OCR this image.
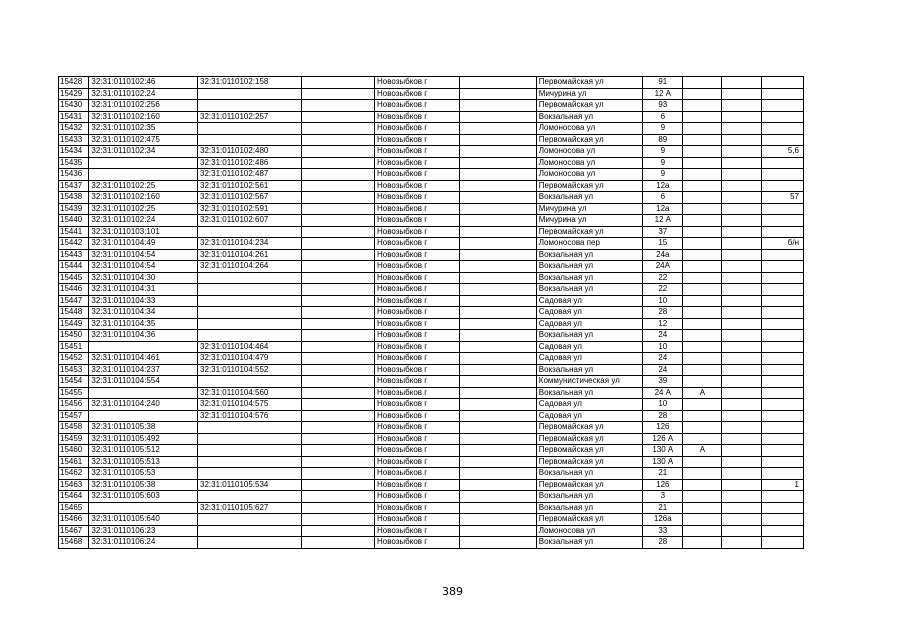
15428	32:31:0110102:46	32:31:0110102:158		Новозыбков г		Первомайская ул	91			
15429	32:31:0110102:24			Новозыбков г		Мичурина ул	12 А			
15430	32:31:0110102:256			Новозыбков г		Первомайская ул	93			
15431	32:31:0110102:160	32:31:0110102:257		Новозыбков г		Вокзальная ул	6			
15432	32:31:0110102:35			Новозыбков г		Ломоносова ул	9			
15433	32:31:0110102:475			Новозыбков г		Первомайская ул	89			
15434	32:31:0110102:34	32:31:0110102:480		Новозыбков г		Ломоносова ул	9			5,6
15435		32:31:0110102:486		Новозыбков г		Ломоносова ул	9			
15436		32:31:0110102:487		Новозыбков г		Ломоносова ул	9			
15437	32:31:0110102:25	32:31:0110102:561		Новозыбков г		Первомайская ул	12а			
15438	32:31:0110102:160	32:31:0110102:567		Новозыбков г		Вокзальная ул	6			57
15439	32:31:0110102:25	32:31:0110102:591		Новозыбков г		Мичурина ул	12а			
15440	32:31:0110102:24	32:31:0110102:607		Новозыбков г		Мичурина ул	12 А			
15441	32:31:0110103:101			Новозыбков г		Первомайская ул	37			
15442	32:31:0110104:49	32:31:0110104:234		Новозыбков г		Ломоносова пер	15			б/н
15443	32:31:0110104:54	32:31:0110104:261		Новозыбков г		Вокзальная ул	24а			
15444	32:31:0110104:54	32:31:0110104:264		Новозыбков г		Вокзальная ул	24А			
15445	32:31:0110104:30			Новозыбков г		Вокзальная ул	22			
15446	32:31:0110104:31			Новозыбков г		Вокзальная ул	22			
15447	32:31:0110104:33			Новозыбков г		Садовая ул	10			
15448	32:31:0110104:34			Новозыбков г		Садовая ул	28			
15449	32:31:0110104:35			Новозыбков г		Садовая ул	12			
15450	32:31:0110104:36			Новозыбков г		Вокзальная ул	24			
15451		32:31:0110104:464		Новозыбков г		Садовая ул	10			
15452	32:31:0110104:461	32:31:0110104:479		Новозыбков г		Садовая ул	24			
15453	32:31:0110104:237	32:31:0110104:552		Новозыбков г		Вокзальная ул	24			
15454	32:31:0110104:554			Новозыбков г		Коммунистическая ул	39			
15455		32:31:0110104:560		Новозыбков г		Вокзальная ул	24 А	А		
15456	32:31:0110104:240	32:31:0110104:575		Новозыбков г		Садовая ул	10			
15457		32:31:0110104:576		Новозыбков г		Садовая ул	28			
15458	32:31:0110105:38			Новозыбков г		Первомайская ул	126			
15459	32:31:0110105:492			Новозыбков г		Первомайская ул	126 А			
15460	32:31:0110105:512			Новозыбков г		Первомайская ул	130 А	А		
15461	32:31:0110105:513			Новозыбков г		Первомайская ул	130 А			
15462	32:31:0110105:53			Новозыбков г		Вокзальная ул	21			
15463	32:31:0110105:38	32:31:0110105:534		Новозыбков г		Первомайская ул	126			1
15464	32:31:0110105:603			Новозыбков г		Вокзальная ул	3			
15465		32:31:0110105:627		Новозыбков г		Вокзальная ул	21			
15466	32:31:0110105:640			Новозыбков г		Первомайская ул	126а			
15467	32:31:0110106:23			Новозыбков г		Ломоносова ул	33			
15468	32:31:0110106:24			Новозыбков г		Вокзальная ул	28			
389
